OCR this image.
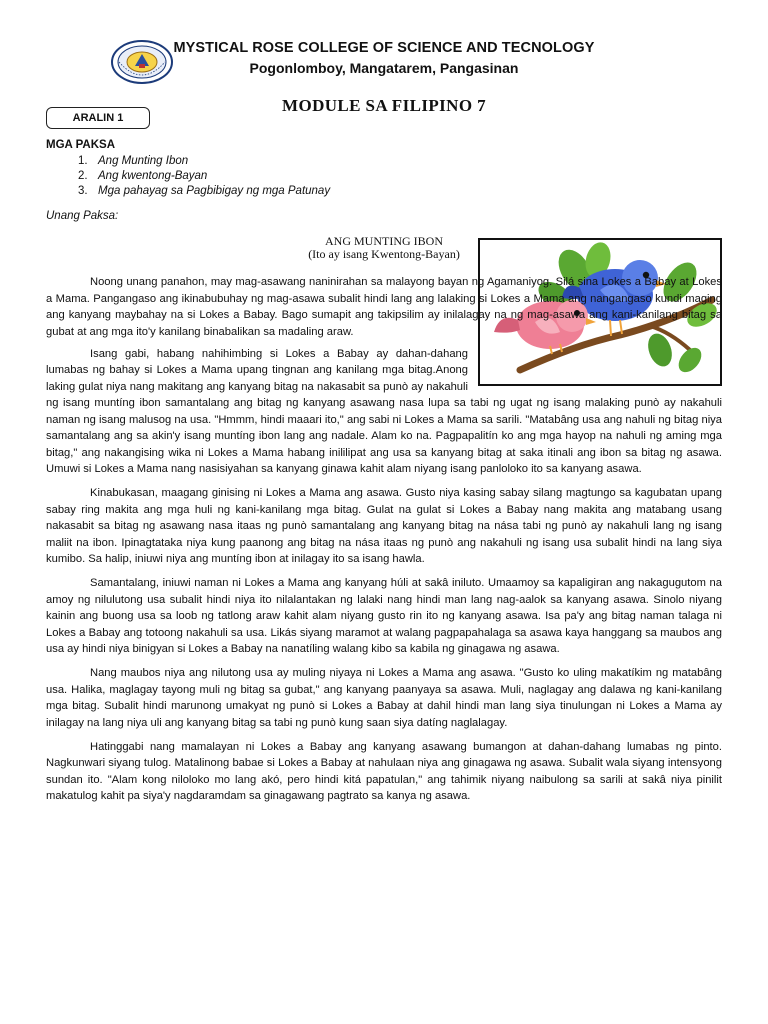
MYSTICAL ROSE COLLEGE OF SCIENCE AND TECNOLOGY
Pogonlomboy, Mangatarem, Pangasinan
ARALIN 1
MODULE SA FILIPINO 7
MGA PAKSA
1. Ang Munting Ibon
2. Ang kwentong-Bayan
3. Mga pahayag sa Pagbibigay ng mga Patunay
Unang Paksa:
ANG MUNTING IBON
(Ito ay isang Kwentong-Bayan)

Noong unang panahon, may mag-asawang naninirahan sa malayong bayan ng Agamaniyog. Silá sina Lokes a Babay at Lokes a Mama. Pangangaso ang ikinabubuhay ng mag-asawa subalit hindi lang ang lalaking si Lokes a Mama ang nangangaso kundi maging ang kanyang maybahay na si Lokes a Babay. Bago sumapit ang takipsilim ay inilalagay na ng mag-asawa ang kani-kanilang bitag sa gubat at ang mga ito'y kanilang binabalikan sa madaling araw.

Isang gabi, habang nahihimbing si Lokes a Babay ay dahan-dahang lumabas ng bahay si Lokes a Mama upang tingnan ang kanilang mga bitag.Anong laking gulat niya nang makitang ang kanyang bitag na nakasabit sa punò ay nakahuli ng isang muntíng ibon samantalang ang bitag ng kanyang asawang nasa lupa sa tabi ng ugat ng isang malaking punò ay nakahuli naman ng isang malusog na usa. "Hmmm, hindi maaari ito," ang sabi ni Lokes a Mama sa sarili. "Matabâng usa ang nahuli ng bitag niya samantalang ang sa akin'y isang muntíng ibon lang ang nadale. Alam ko na. Pagpapalitín ko ang mga hayop na nahuli ng aming mga bitag," ang nakangising wika ni Lokes a Mama habang inililipat ang usa sa kanyang bitag at saka itinali ang ibon sa bitag ng asawa. Umuwi si Lokes a Mama nang nasisiyahan sa kanyang ginawa kahit alam niyang isang panloloko ito sa kanyang asawa.

Kinabukasan, maagang ginising ni Lokes a Mama ang asawa. Gusto niya kasing sabay silang magtungo sa kagubatan upang sabay ring makita ang mga huli ng kani-kanilang mga bitag. Gulat na gulat si Lokes a Babay nang makita ang matabang usang nakasabit sa bitag ng asawang nasa itaas ng punò samantalang ang kanyang bitag na nása tabi ng punò ay nakahuli lang ng isang maliit na ibon. Ipinagtataka niya kung paanong ang bitag na nása itaas ng punò ang nakahuli ng isang usa subalit hindi na lang siya kumibo. Sa halip, iniuwi niya ang muntíng ibon at inilagay ito sa isang hawla.

Samantalang, iniuwi naman ni Lokes a Mama ang kanyang húli at sakâ iniluto. Umaamoy sa kapaligiran ang nakagugutom na amoy ng nilulutong usa subalit hindi niya ito nilalantakan ng lalaki nang hindi man lang nag-aalok sa kanyang asawa. Sinolo niyang kainin ang buong usa sa loob ng tatlong araw kahit alam niyang gusto rin ito ng kanyang asawa. Isa pa'y ang bitag naman talaga ni Lokes a Babay ang totoong nakahuli sa usa. Likás siyang maramot at walang pagpapahalaga sa asawa kaya hanggang sa maubos ang usa ay hindi niya binigyan si Lokes a Babay na nanatíling walang kibo sa kabila ng ginagawa ng asawa.

Nang maubos niya ang nilutong usa ay muling niyaya ni Lokes a Mama ang asawa. "Gusto ko uling makatíkim ng matabâng usa. Halika, maglagay tayong muli ng bitag sa gubat," ang kanyang paanyaya sa asawa. Muli, naglagay ang dalawa ng kani-kanilang mga bitag. Subalit hindi marunong umakyat ng punò si Lokes a Babay at dahil hindi man lang siya tinulungan ni Lokes a Mama ay inilagay na lang niya uli ang kanyang bitag sa tabi ng punò kung saan siya datíng naglalagay.

Hatinggabi nang mamalayan ni Lokes a Babay ang kanyang asawang bumangon at dahan-dahang lumabas ng pinto. Nagkunwari siyang tulog. Matalinong babae si Lokes a Babay at nahulaan niya ang ginagawa ng asawa. Subalit wala siyang intensyong sundan ito. "Alam kong niloloko mo lang akó, pero hindi kitá papatulan," ang tahimik niyang naibulong sa sarili at sakâ niya pinilit makatulog kahit pa siya'y nagdaramdam sa ginagawang pagtrato sa kanya ng asawa.
